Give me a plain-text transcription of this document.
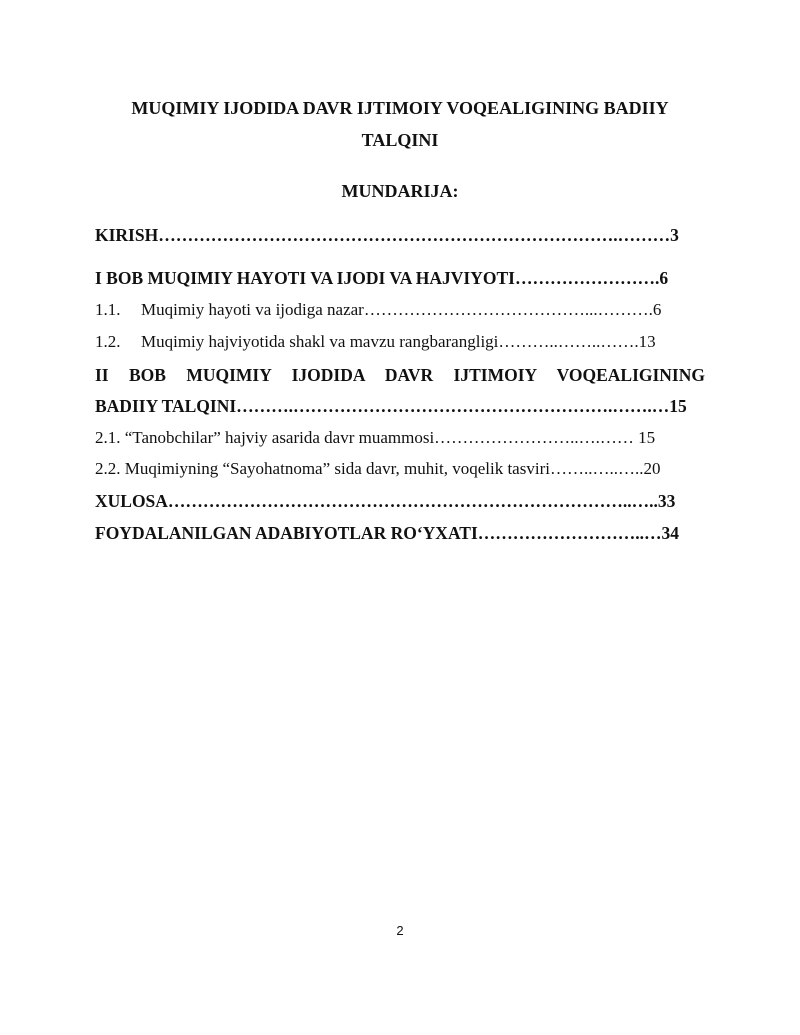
MUQIMIY IJODIDA DAVR IJTIMOIY VOQEALIGINING BADIIY
TALQINI
MUNDARIJA:
KIRISH…………………………………………………………………….………3
I BOB MUQIMIY HAYOTI VA IJODI VA HAJVIYOTI…………………….6
1.1. Muqimiy hayoti va ijodiga nazar…………………………………...……….6
1.2. Muqimiy hajviyotida shakl va mavzu rangbarangligi………..……..…….13
II BOB MUQIMIY IJODIDA DAVR IJTIMOIY VOQEALIGINING
BADIIY TALQINI……….……………………………………………….…….…15
2.1. “Tanobchilar” hajviy asarida davr muammosi……………………..….…… 15
2.2. Muqimiyning “Sayohatnoma” sida davr, muhit, voqelik tasviri……..…..…..20
XULOSA……………………………………………………………………..…..33
FOYDALANILGAN ADABIYOTLAR RO‘YXATI………………………..…34
2
